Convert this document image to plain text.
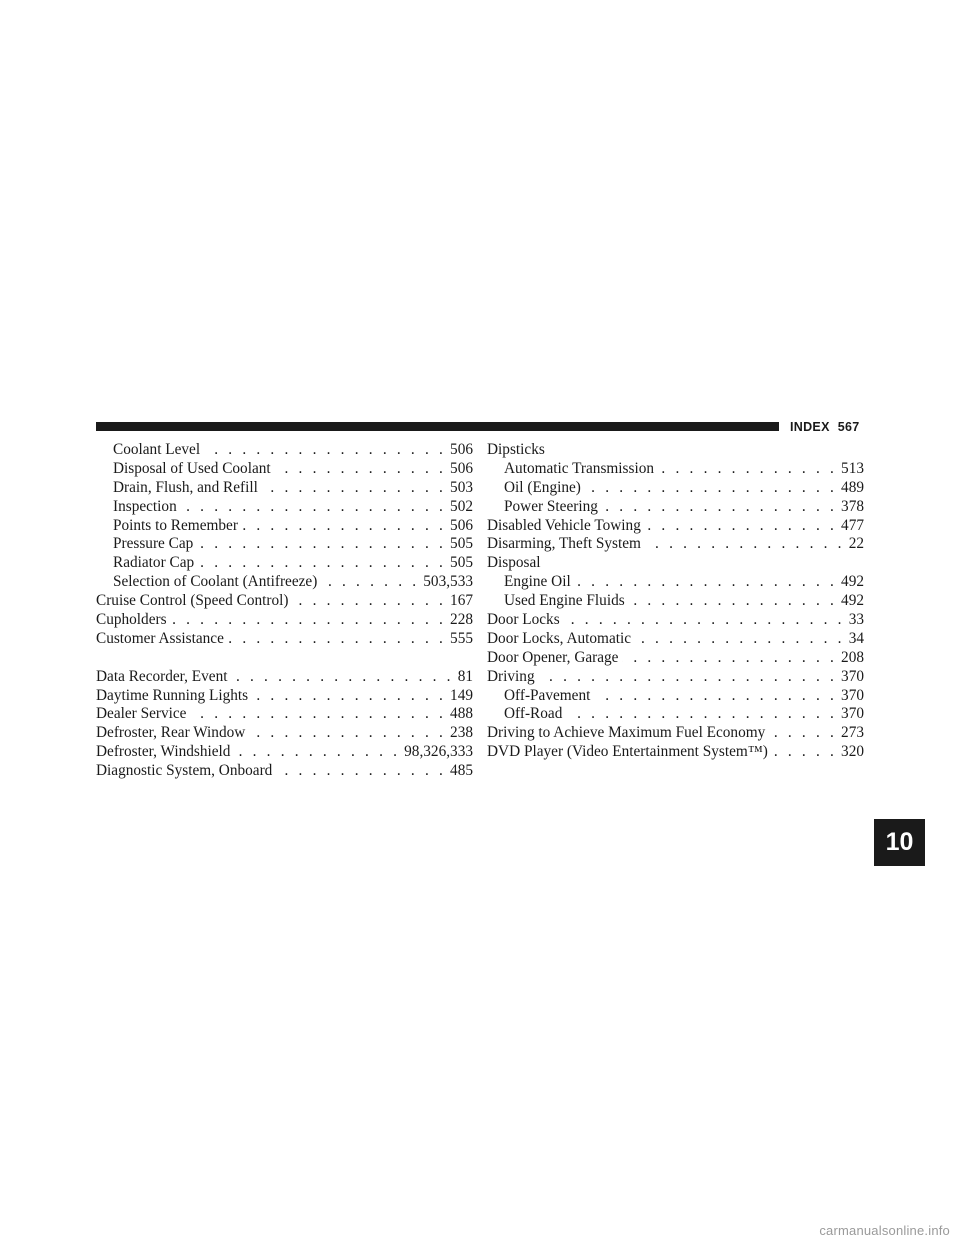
INDEX 567
Coolant Level . . .	506
Disposal of Used Coolant . . .	506
Drain, Flush, and Refill . . .	503
Inspection . . .	502
Points to Remember . . .	506
Pressure Cap . . .	505
Radiator Cap . . .	505
Selection of Coolant (Antifreeze) . . .	503,533
Cruise Control (Speed Control) . . .	167
Cupholders . . .	228
Customer Assistance . . .	555
Data Recorder, Event . . .	81
Daytime Running Lights . . .	149
Dealer Service . . .	488
Defroster, Rear Window . . .	238
Defroster, Windshield . . .	98,326,333
Diagnostic System, Onboard . . .	485
Dipsticks
Automatic Transmission . . .	513
Oil (Engine) . . .	489
Power Steering . . .	378
Disabled Vehicle Towing . . .	477
Disarming, Theft System . . .	22
Disposal
Engine Oil . . .	492
Used Engine Fluids . . .	492
Door Locks . . .	33
Door Locks, Automatic . . .	34
Door Opener, Garage . . .	208
Driving . . .	370
Off-Pavement . . .	370
Off-Road . . .	370
Driving to Achieve Maximum Fuel Economy . . .	273
DVD Player (Video Entertainment System™) . . .	320
10
carmanualsonline.info
